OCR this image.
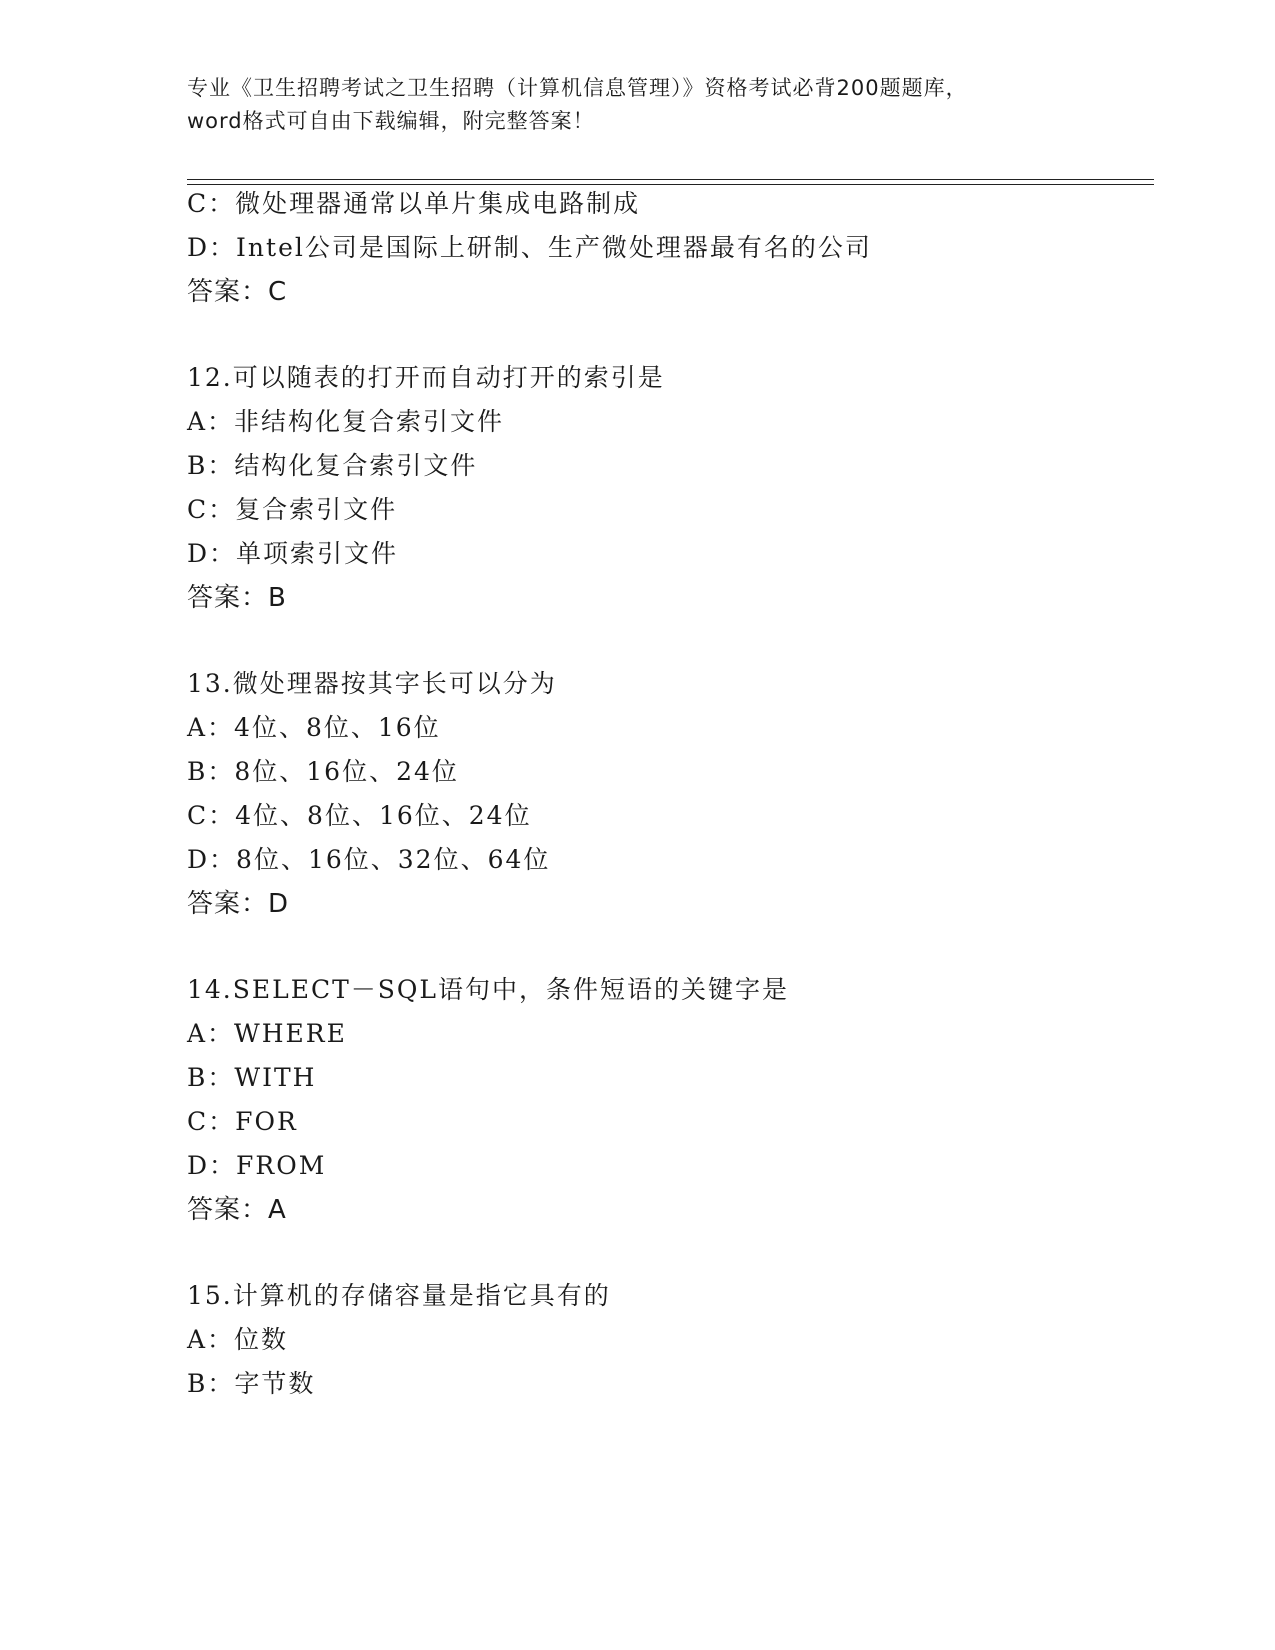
专业《卫生招聘考试之卫生招聘（计算机信息管理）》资格考试必背200题题库，
word格式可自由下载编辑，附完整答案！
C：微处理器通常以单片集成电路制成
D：Intel公司是国际上研制、生产微处理器最有名的公司
答案：C
12.可以随表的打开而自动打开的索引是
A：非结构化复合索引文件
B：结构化复合索引文件
C：复合索引文件
D：单项索引文件
答案：B
13.微处理器按其字长可以分为
A：4位、8位、16位
B：8位、16位、24位
C：4位、8位、16位、24位
D：8位、16位、32位、64位
答案：D
14.SELECT－SQL语句中，条件短语的关键字是
A：WHERE
B：WITH
C：FOR
D：FROM
答案：A
15.计算机的存储容量是指它具有的
A：位数
B：字节数
